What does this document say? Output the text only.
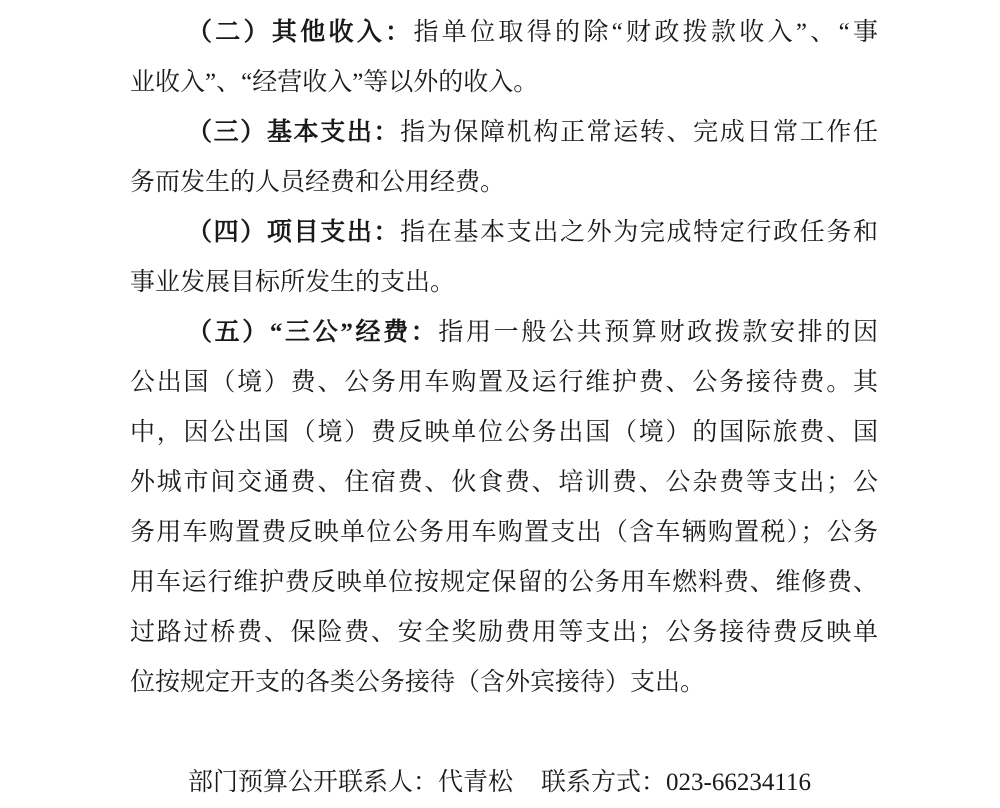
（二）其他收入：指单位取得的除“财政拨款收入”、“事
业收入”、“经营收入”等以外的收入。
（三）基本支出：指为保障机构正常运转、完成日常工作任
务而发生的人员经费和公用经费。
（四）项目支出：指在基本支出之外为完成特定行政任务和
事业发展目标所发生的支出。
（五）“三公”经费：指用一般公共预算财政拨款安排的因
公出国（境）费、公务用车购置及运行维护费、公务接待费。其
中，因公出国（境）费反映单位公务出国（境）的国际旅费、国
外城市间交通费、住宿费、伙食费、培训费、公杂费等支出；公
务用车购置费反映单位公务用车购置支出（含车辆购置税）；公务
用车运行维护费反映单位按规定保留的公务用车燃料费、维修费、
过路过桥费、保险费、安全奖励费用等支出；公务接待费反映单
位按规定开支的各类公务接待（含外宾接待）支出。
部门预算公开联系人：代青松 联系方式：023-66234116
